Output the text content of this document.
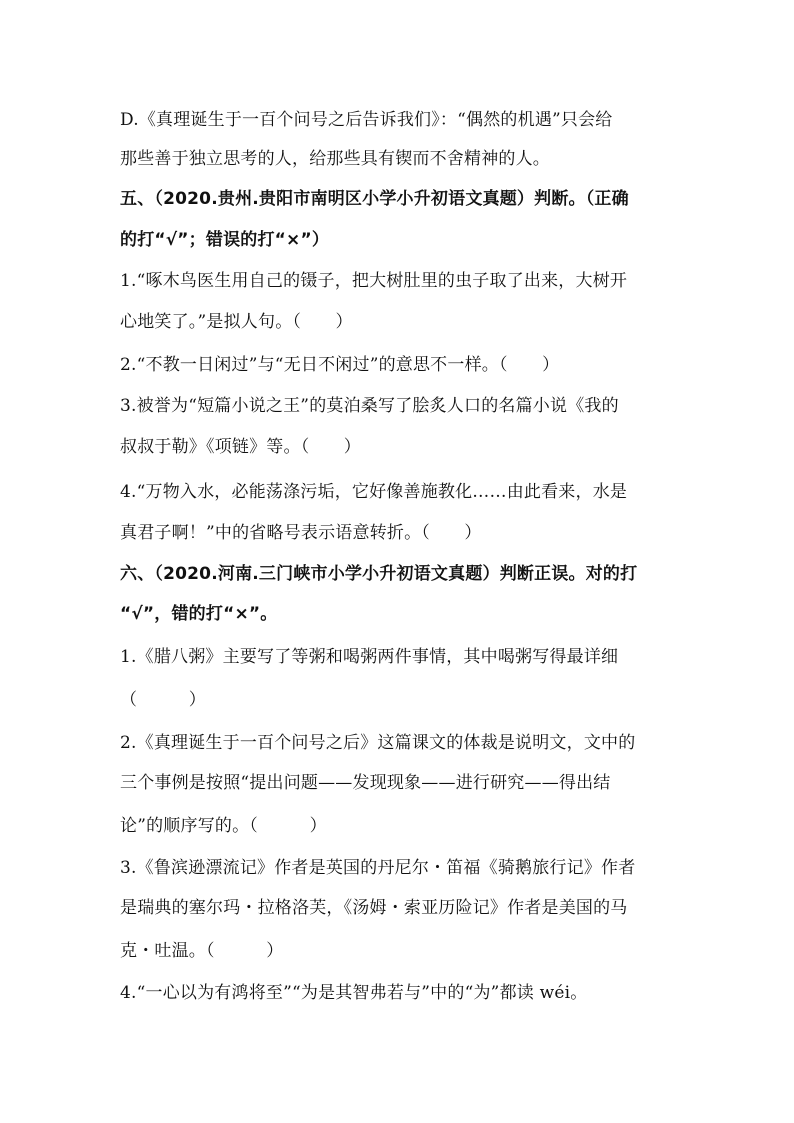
D.《真理诞生于一百个问号之后告诉我们》：“偶然的机遇”只会给
那些善于独立思考的人，给那些具有锲而不舍精神的人。
五、（2020.贵州.贵阳市南明区小学小升初语文真题）判断。（正确
的打“√”；错误的打“×”）
1.“啄木鸟医生用自己的镊子，把大树肚里的虫子取了出来，大树开
心地笑了。”是拟人句。（　　）
2.“不教一日闲过”与“无日不闲过”的意思不一样。（　　）
3.被誉为“短篇小说之王”的莫泊桑写了脍炙人口的名篇小说《我的
叔叔于勒》《项链》等。（　　）
4.“万物入水，必能荡涤污垢，它好像善施教化……由此看来，水是
真君子啊！”中的省略号表示语意转折。（　　）
六、（2020.河南.三门峡市小学小升初语文真题）判断正误。对的打
“√”，错的打“×”。
1.《腊八粥》主要写了等粥和喝粥两件事情，其中喝粥写得最详细
（　　　）
2.《真理诞生于一百个问号之后》这篇课文的体裁是说明文，文中的
三个事例是按照“提出问题——发现现象——进行研究——得出结
论”的顺序写的。（　　　）
3.《鲁滨逊漂流记》作者是英国的丹尼尔・笛福《骑鹅旅行记》作者
是瑞典的塞尔玛・拉格洛芙，《汤姆・索亚历险记》作者是美国的马
克・吐温。（　　　）
4.“一心以为有鸿将至”“为是其智弗若与”中的“为”都读 wéi。
